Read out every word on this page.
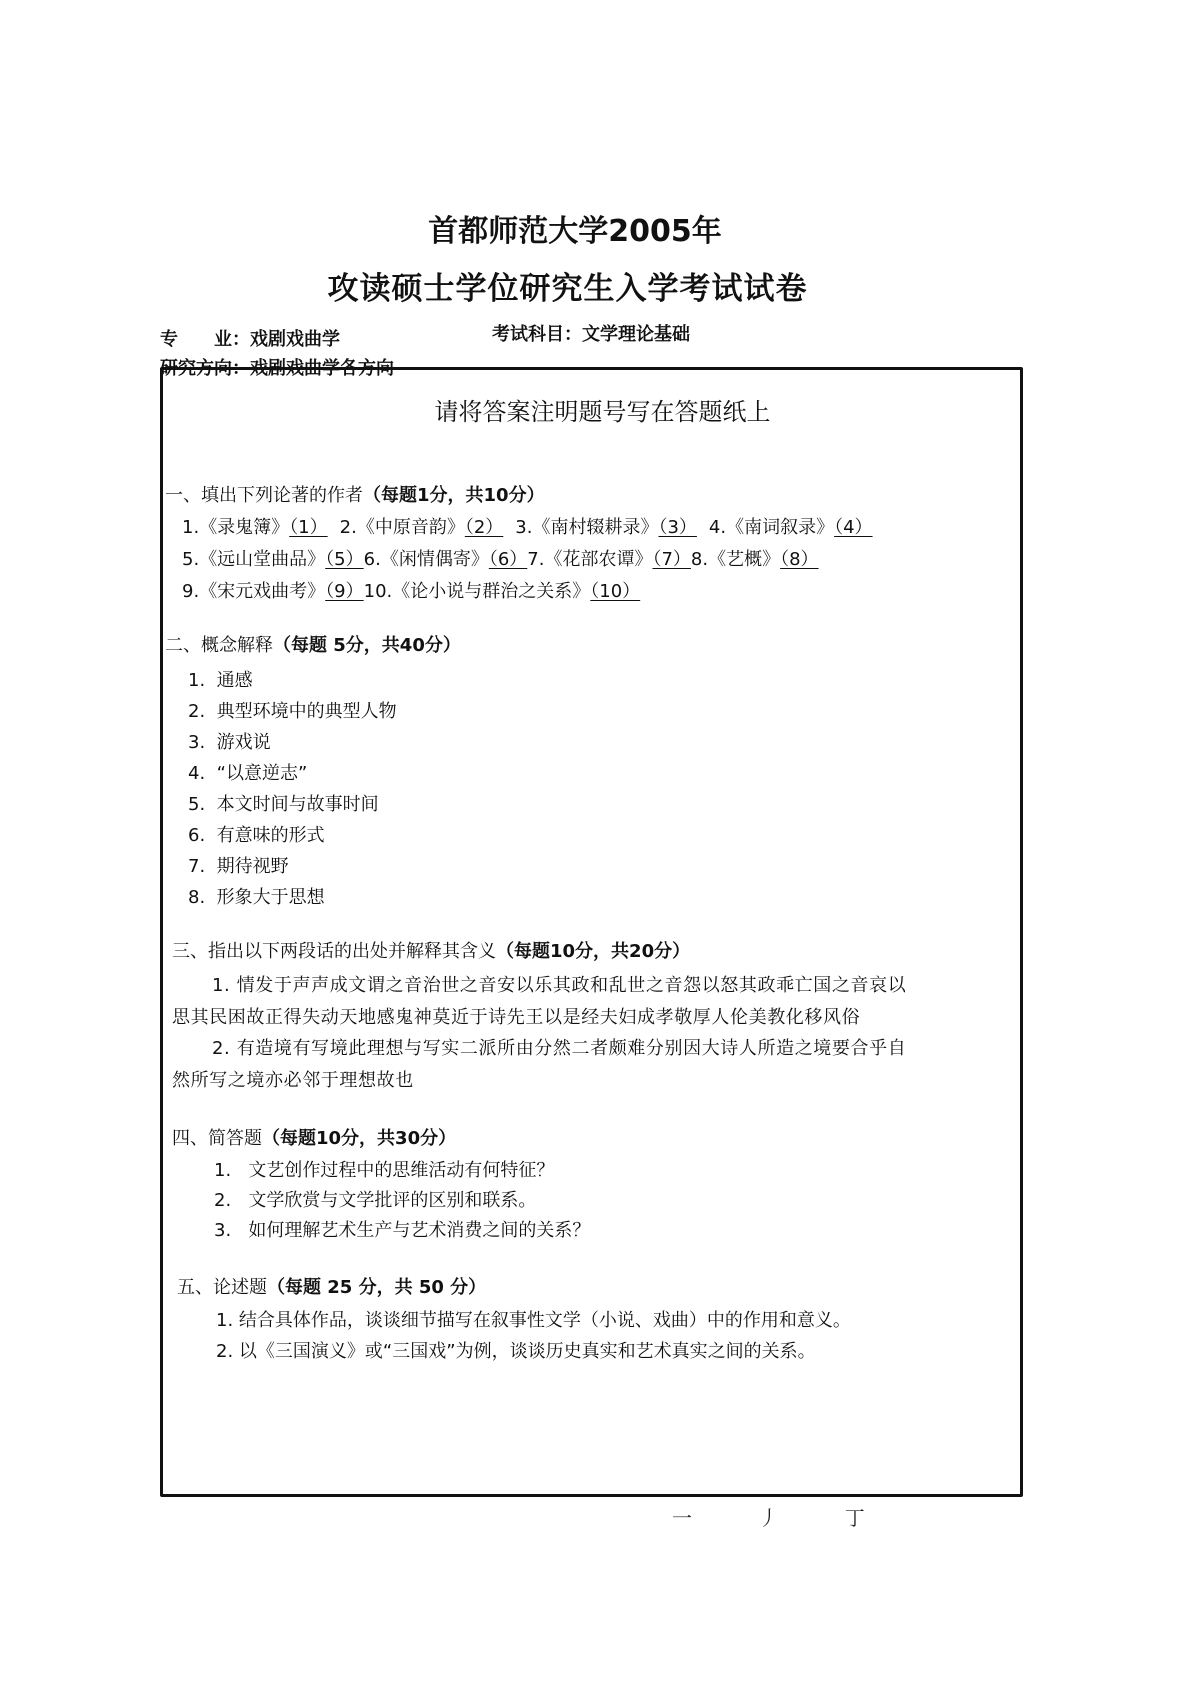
首都师范大学2005年
攻读硕士学位研究生入学考试试卷
专　　业：戏剧戏曲学	考试科目：文学理论基础
研究方向：戏剧戏曲学各方向
请将答案注明题号写在答题纸上
一、填出下列论著的作者（每题1分，共10分）
1.《录鬼簿》（1） 2.《中原音韵》（2） 3.《南村辍耕录》（3） 4.《南词叙录》（4）
5.《远山堂曲品》（5）6.《闲情偶寄》（6）7.《花部农谭》（7）8.《艺概》（8）
9.《宋元戏曲考》（9）10.《论小说与群治之关系》（10）
二、概念解释（每题 5分，共40分）
1. 通感
2. 典型环境中的典型人物
3. 游戏说
4. “以意逆志”
5. 本文时间与故事时间
6. 有意味的形式
7. 期待视野
8. 形象大于思想
三、指出以下两段话的出处并解释其含义（每题10分，共20分）
1. 情发于声声成文谓之音治世之音安以乐其政和乱世之音怨以怒其政乖亡国之音哀以
思其民困故正得失动天地感鬼神莫近于诗先王以是经夫妇成孝敬厚人伦美教化移风俗
2. 有造境有写境此理想与写实二派所由分然二者颇难分别因大诗人所造之境要合乎自
然所写之境亦必邻于理想故也
四、简答题（每题10分，共30分）
1. 文艺创作过程中的思维活动有何特征？
2. 文学欣赏与文学批评的区别和联系。
3. 如何理解艺术生产与艺术消费之间的关系？
五、论述题（每题 25 分，共 50 分）
1. 结合具体作品，谈谈细节描写在叙事性文学（小说、戏曲）中的作用和意义。
2. 以《三国演义》或“三国戏”为例，谈谈历史真实和艺术真实之间的关系。
一 丿 丁
